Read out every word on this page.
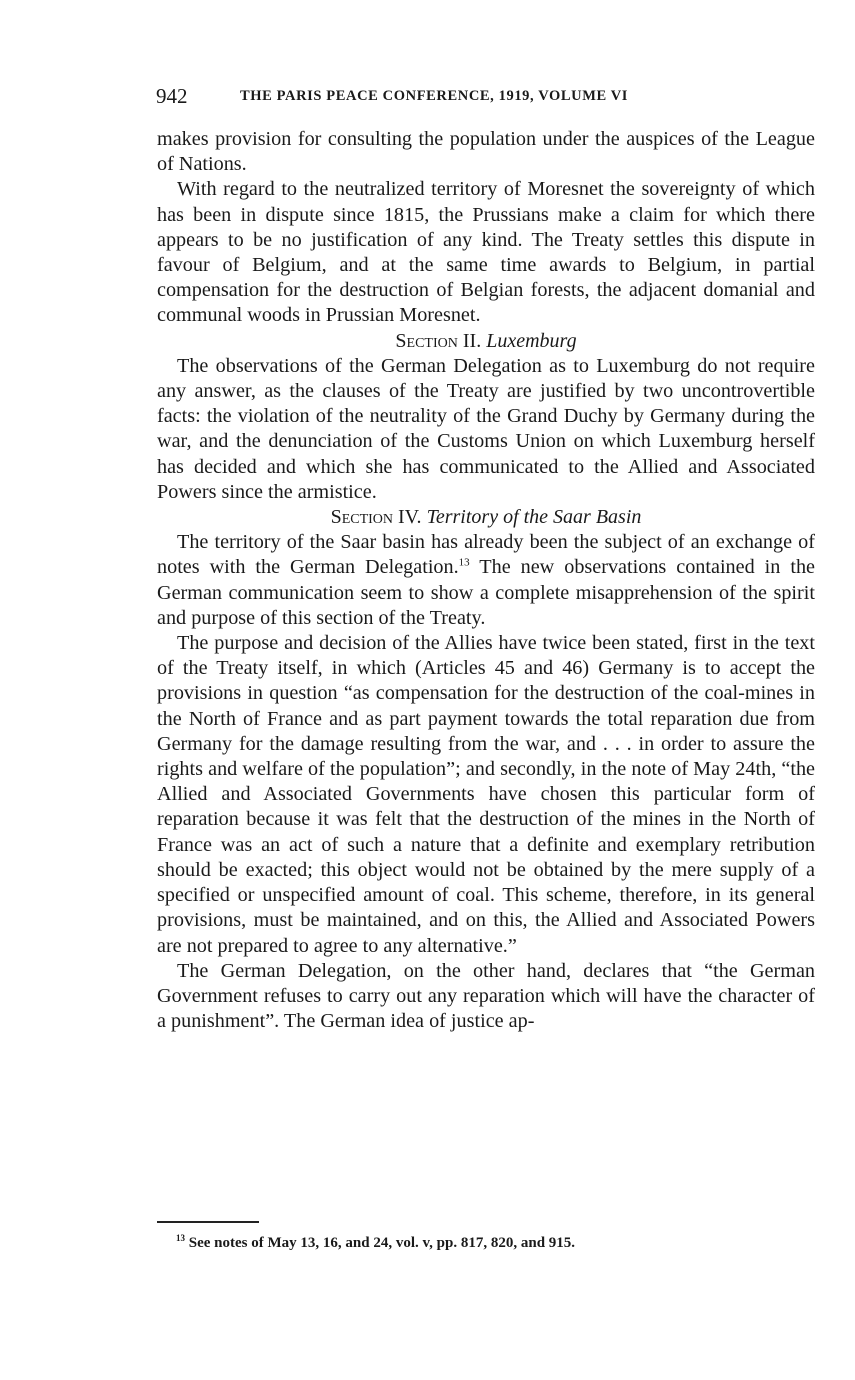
942	THE PARIS PEACE CONFERENCE, 1919, VOLUME VI

makes provision for consulting the population under the auspices of the League of Nations.

With regard to the neutralized territory of Moresnet the sovereignty of which has been in dispute since 1815, the Prussians make a claim for which there appears to be no justification of any kind. The Treaty settles this dispute in favour of Belgium, and at the same time awards to Belgium, in partial compensation for the destruction of Belgian forests, the adjacent domanial and communal woods in Prussian Moresnet.

Section II. Luxemburg

The observations of the German Delegation as to Luxemburg do not require any answer, as the clauses of the Treaty are justified by two uncontrovertible facts: the violation of the neutrality of the Grand Duchy by Germany during the war, and the denunciation of the Customs Union on which Luxemburg herself has decided and which she has communicated to the Allied and Associated Powers since the armistice.

Section IV. Territory of the Saar Basin

The territory of the Saar basin has already been the subject of an exchange of notes with the German Delegation.$^{13}$ The new observations contained in the German communication seem to show a complete misapprehension of the spirit and purpose of this section of the Treaty.

The purpose and decision of the Allies have twice been stated, first in the text of the Treaty itself, in which (Articles 45 and 46) Germany is to accept the provisions in question “as compensation for the destruction of the coal-mines in the North of France and as part payment towards the total reparation due from Germany for the damage resulting from the war, and . . . in order to assure the rights and welfare of the population”; and secondly, in the note of May 24th, “the Allied and Associated Governments have chosen this particular form of reparation because it was felt that the destruction of the mines in the North of France was an act of such a nature that a definite and exemplary retribution should be exacted; this object would not be obtained by the mere supply of a specified or unspecified amount of coal. This scheme, therefore, in its general provisions, must be maintained, and on this, the Allied and Associated Powers are not prepared to agree to any alternative.”

The German Delegation, on the other hand, declares that “the German Government refuses to carry out any reparation which will have the character of a punishment”. The German idea of justice ap-

$^{13}$ See notes of May 13, 16, and 24, vol. v, pp. 817, 820, and 915.
